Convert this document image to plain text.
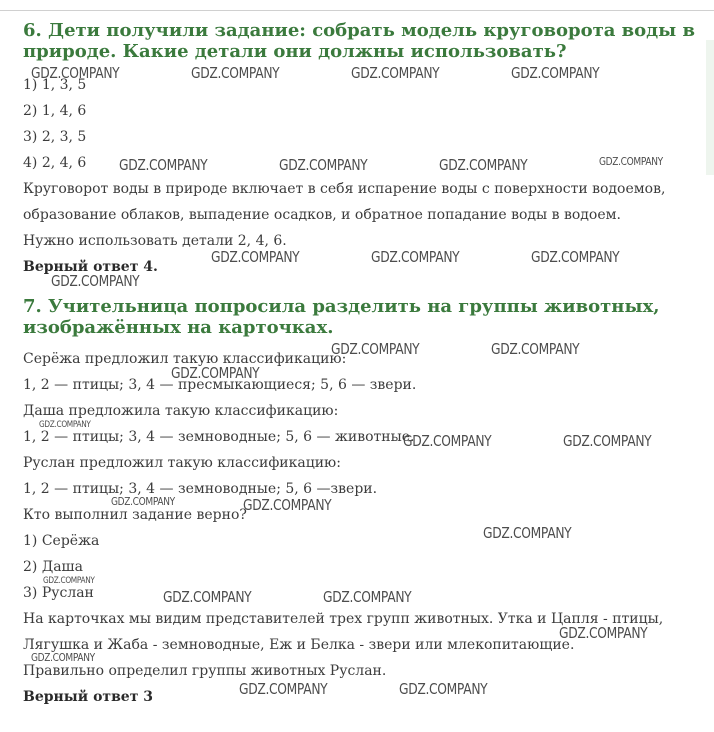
6. Дети получили задание: собрать модель круговорота воды в
природе. Какие детали они должны использовать?
1) 1, 3, 5
2) 1, 4, 6
3) 2, 3, 5
4) 2, 4, 6
Круговорот воды в природе включает в себя испарение воды с поверхности водоемов,
образование облаков, выпадение осадков, и обратное попадание воды в водоем.
Нужно использовать детали 2, 4, 6.
Верный ответ 4.
7. Учительница попросила разделить на группы животных,
изображённых на карточках.
Серёжа предложил такую классификацию:
1, 2 — птицы; 3, 4 — пресмыкающиеся; 5, 6 — звери.
Даша предложила такую классификацию:
1, 2 — птицы; 3, 4 — земноводные; 5, 6 — животные.
Руслан предложил такую классификацию:
1, 2 — птицы; 3, 4 — земноводные; 5, 6 —звери.
Кто выполнил задание верно?
1) Серёжа
2) Даша
3) Руслан
На карточках мы видим представителей трех групп животных. Утка и Цапля - птицы,
Лягушка и Жаба - земноводные, Еж и Белка - звери или млекопитающие.
Правильно определил группы животных Руслан.
Верный ответ 3
GDZ.COMPANY	GDZ.COMPANY	GDZ.COMPANY	GDZ.COMPANY
GDZ.COMPANY	GDZ.COMPANY	GDZ.COMPANY	GDZ.COMPANY
GDZ.COMPANY	GDZ.COMPANY	GDZ.COMPANY
GDZ.COMPANY
GDZ.COMPANY	GDZ.COMPANY
GDZ.COMPANY
GDZ.COMPANY
GDZ.COMPANY	GDZ.COMPANY
GDZ.COMPANY	GDZ.COMPANY
GDZ.COMPANY
GDZ.COMPANY
GDZ.COMPANY	GDZ.COMPANY
GDZ.COMPANY
GDZ.COMPANY
GDZ.COMPANY	GDZ.COMPANY
